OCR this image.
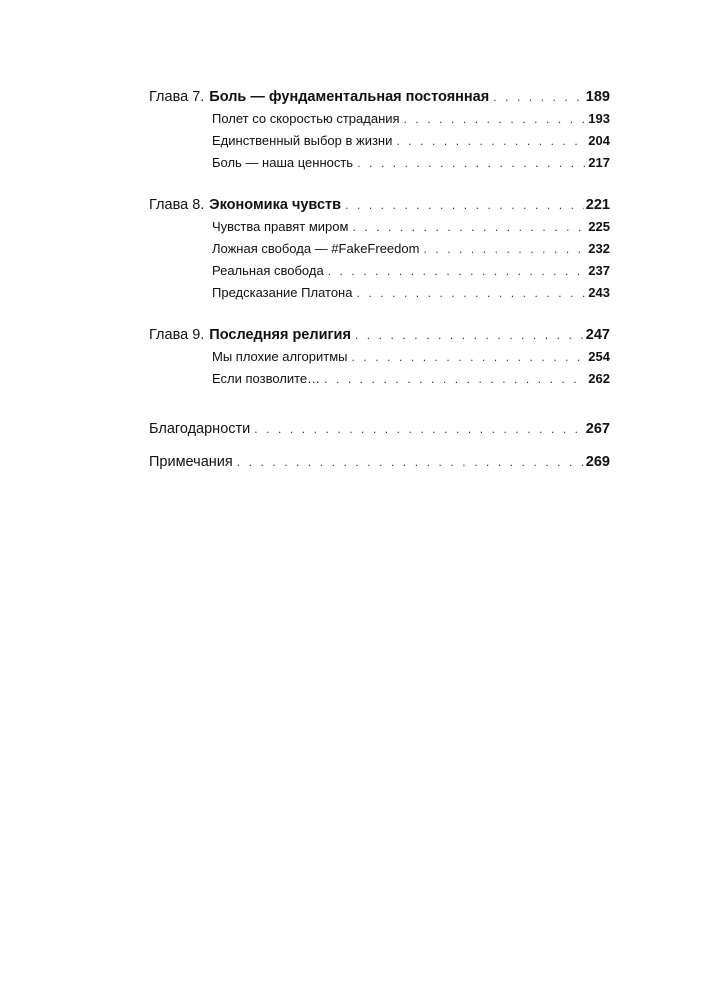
Глава 7. Боль — фундаментальная постоянная . . .	189
Полет со скоростью страдания . . .	193
Единственный выбор в жизни . . .	204
Боль — наша ценность . . .	217
Глава 8. Экономика чувств . . .	221
Чувства правят миром . . .	225
Ложная свобода — #FakeFreedom . . .	232
Реальная свобода . . .	237
Предсказание Платона . . .	243
Глава 9. Последняя религия . . .	247
Мы плохие алгоритмы . . .	254
Если позволите… . . .	262
Благодарности . . .	267
Примечания . . .	269
